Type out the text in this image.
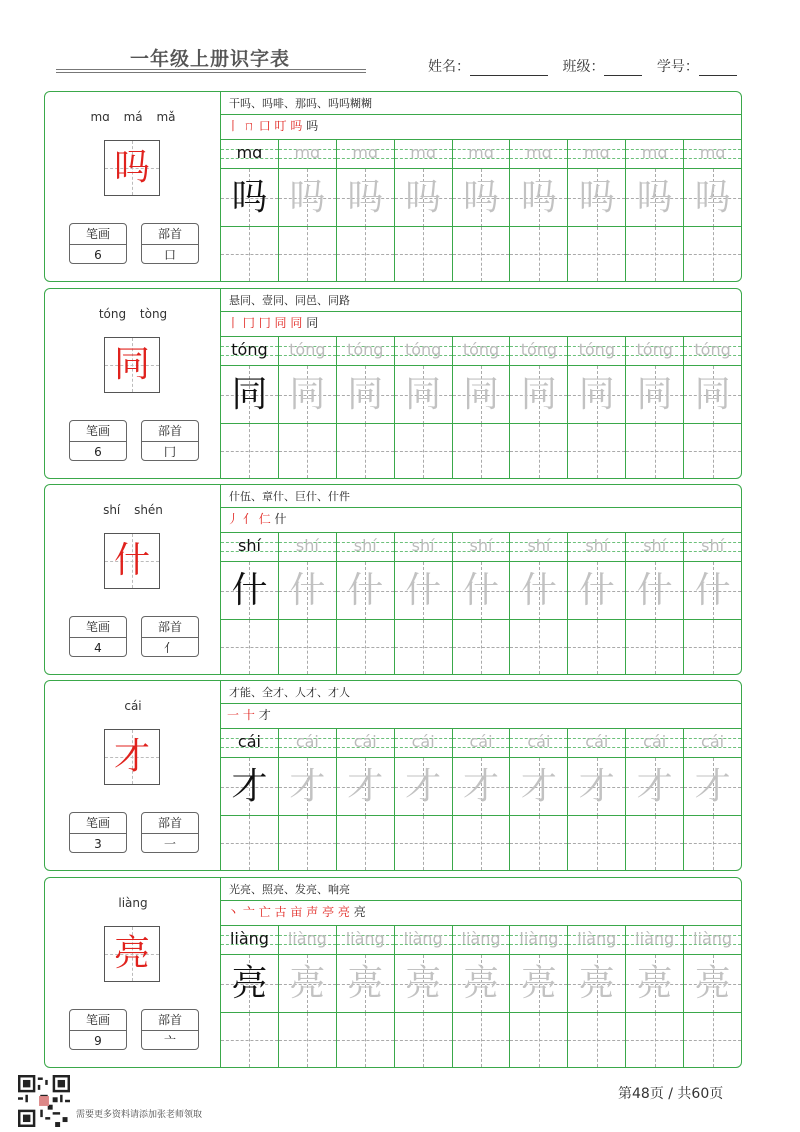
一年级上册识字表	姓名：	班级：	学号：
mɑ má mǎ
吗
笔画
6
部首
口
干吗、吗啡、那吗、吗吗糊糊
丨 ㄇ 口 叮 吗 吗
mɑ
吗
mɑ
吗
mɑ
吗
mɑ
吗
mɑ
吗
mɑ
吗
mɑ
吗
mɑ
吗
mɑ
吗
tóng tòng
同
笔画
6
部首
冂
悬同、壹同、同邑、同路
丨 冂 冂 同 同 同
tóng
同
tóng
同
tóng
同
tóng
同
tóng
同
tóng
同
tóng
同
tóng
同
tóng
同
shí shén
什
笔画
4
部首
亻
什伍、章什、巨什、什件
丿 亻 仁 什
shí
什
shí
什
shí
什
shí
什
shí
什
shí
什
shí
什
shí
什
shí
什
cái
才
笔画
3
部首
一
才能、全才、人才、才人
一 十 才
cái
才
cái
才
cái
才
cái
才
cái
才
cái
才
cái
才
cái
才
cái
才
liàng
亮
笔画
9
部首
亠
光亮、照亮、发亮、响亮
丶 亠 亡 古 亩 声 亭 亮 亮
liàng
亮
liàng
亮
liàng
亮
liàng
亮
liàng
亮
liàng
亮
liàng
亮
liàng
亮
liàng
亮
需要更多资料请添加张老师领取
第48页 / 共60页
